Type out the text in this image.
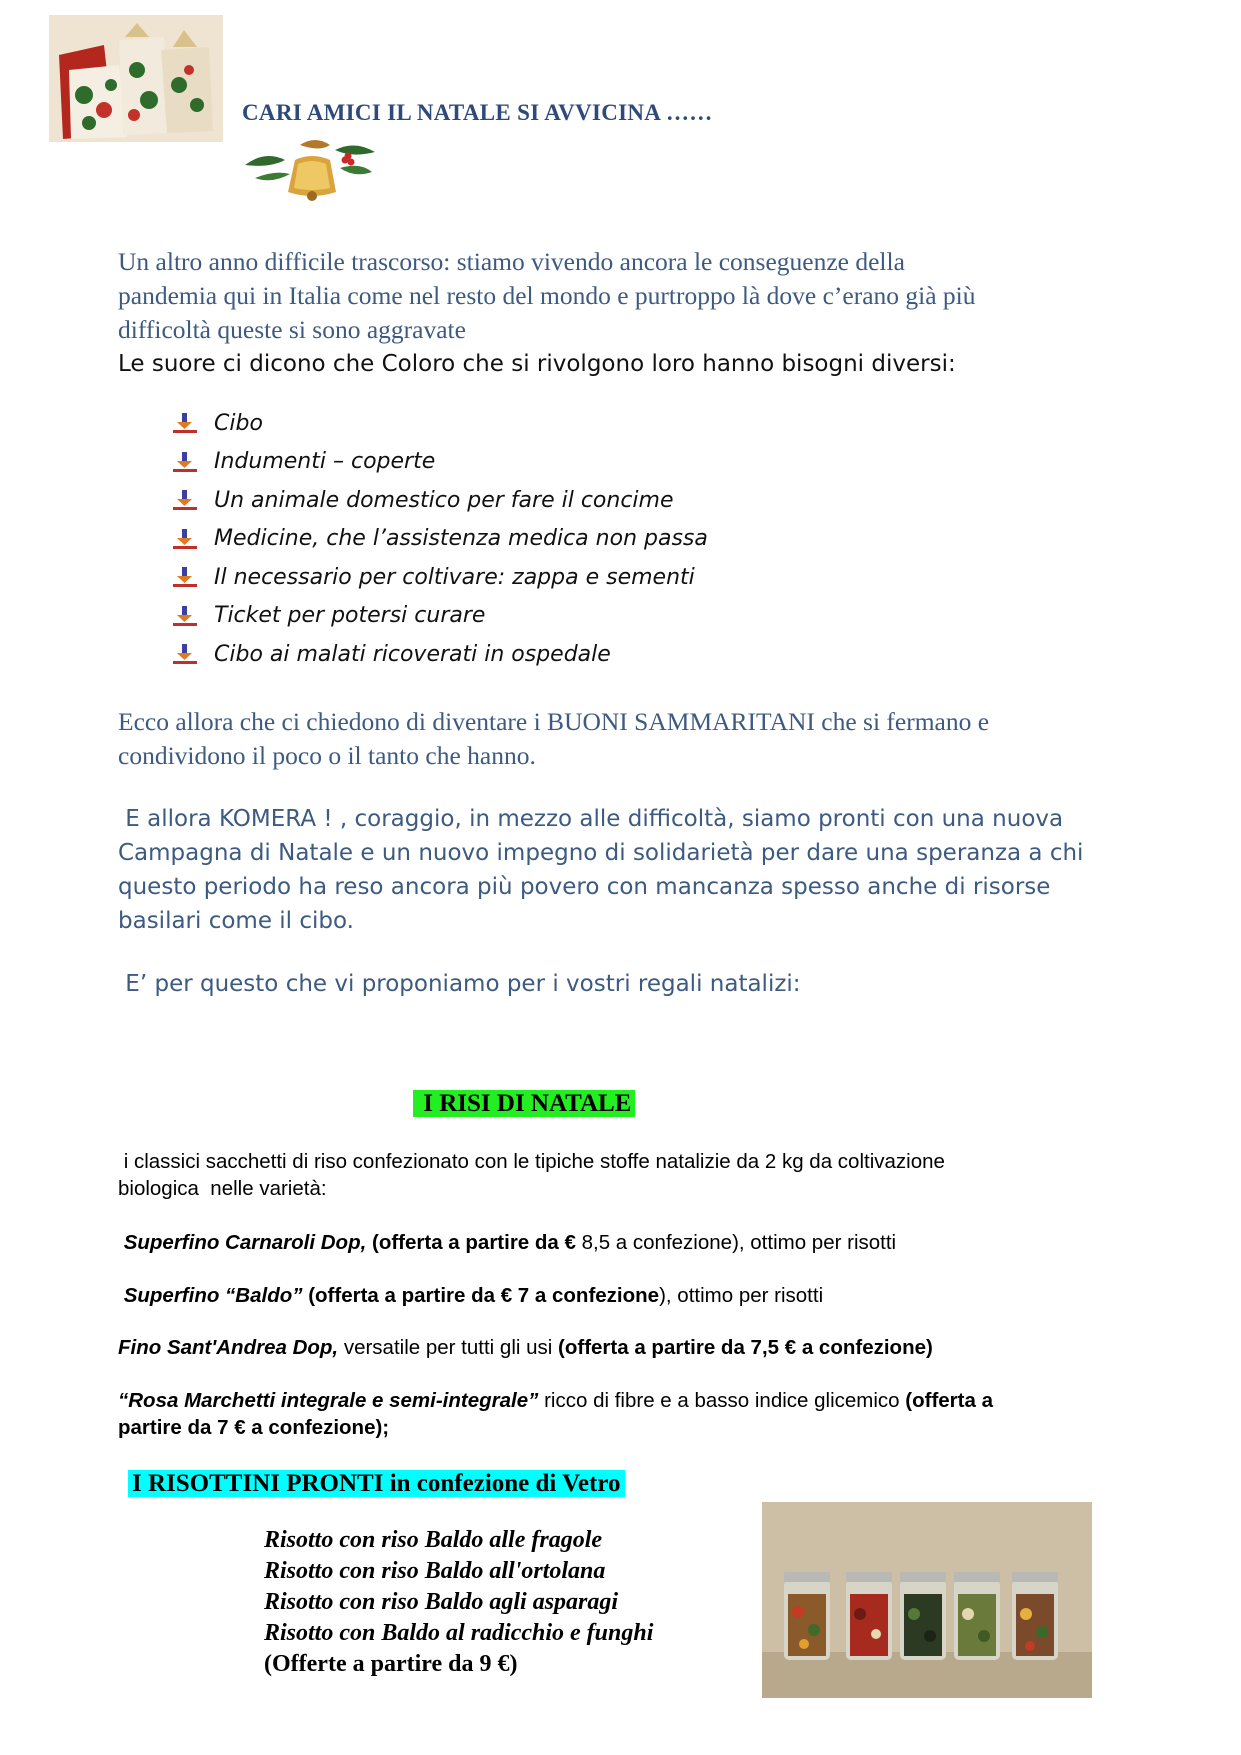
CARI AMICI IL NATALE SI AVVICINA ……
Un altro anno difficile trascorso: stiamo vivendo ancora le conseguenze della
pandemia qui in Italia come nel resto del mondo e purtroppo là dove c’erano già più
difficoltà queste si sono aggravate
Le suore ci dicono che Coloro che si rivolgono loro hanno bisogni diversi:
Cibo
Indumenti – coperte
Un animale domestico per fare il concime
Medicine, che l’assistenza medica non passa
Il necessario per coltivare: zappa e sementi
Ticket per potersi curare
Cibo ai malati ricoverati in ospedale
Ecco allora che ci chiedono di diventare i BUONI SAMMARITANI che si fermano e
condividono il poco o il tanto che hanno.
E allora KOMERA ! , coraggio, in mezzo alle difficoltà, siamo pronti con una nuova
Campagna di Natale e un nuovo impegno di solidarietà per dare una speranza a chi
questo periodo ha reso ancora più povero con mancanza spesso anche di risorse
basilari come il cibo.
E’ per questo che vi proponiamo per i vostri regali natalizi:
I RISI DI NATALE
i classici sacchetti di riso confezionato con le tipiche stoffe natalizie da 2 kg da coltivazione
biologica  nelle varietà:
Superfino Carnaroli Dop, (offerta a partire da € 8,5 a confezione), ottimo per risotti
Superfino “Baldo” (offerta a partire da € 7 a confezione), ottimo per risotti
Fino Sant'Andrea Dop, versatile per tutti gli usi (offerta a partire da 7,5 € a confezione)
“Rosa Marchetti integrale e semi-integrale” ricco di fibre e a basso indice glicemico (offerta a
partire da 7 € a confezione);
I RISOTTINI PRONTI in confezione di Vetro
Risotto con riso Baldo alle fragole
Risotto con riso Baldo all'ortolana
Risotto con riso Baldo agli asparagi
Risotto con Baldo al radicchio e funghi
(Offerte a partire da 9 €)
